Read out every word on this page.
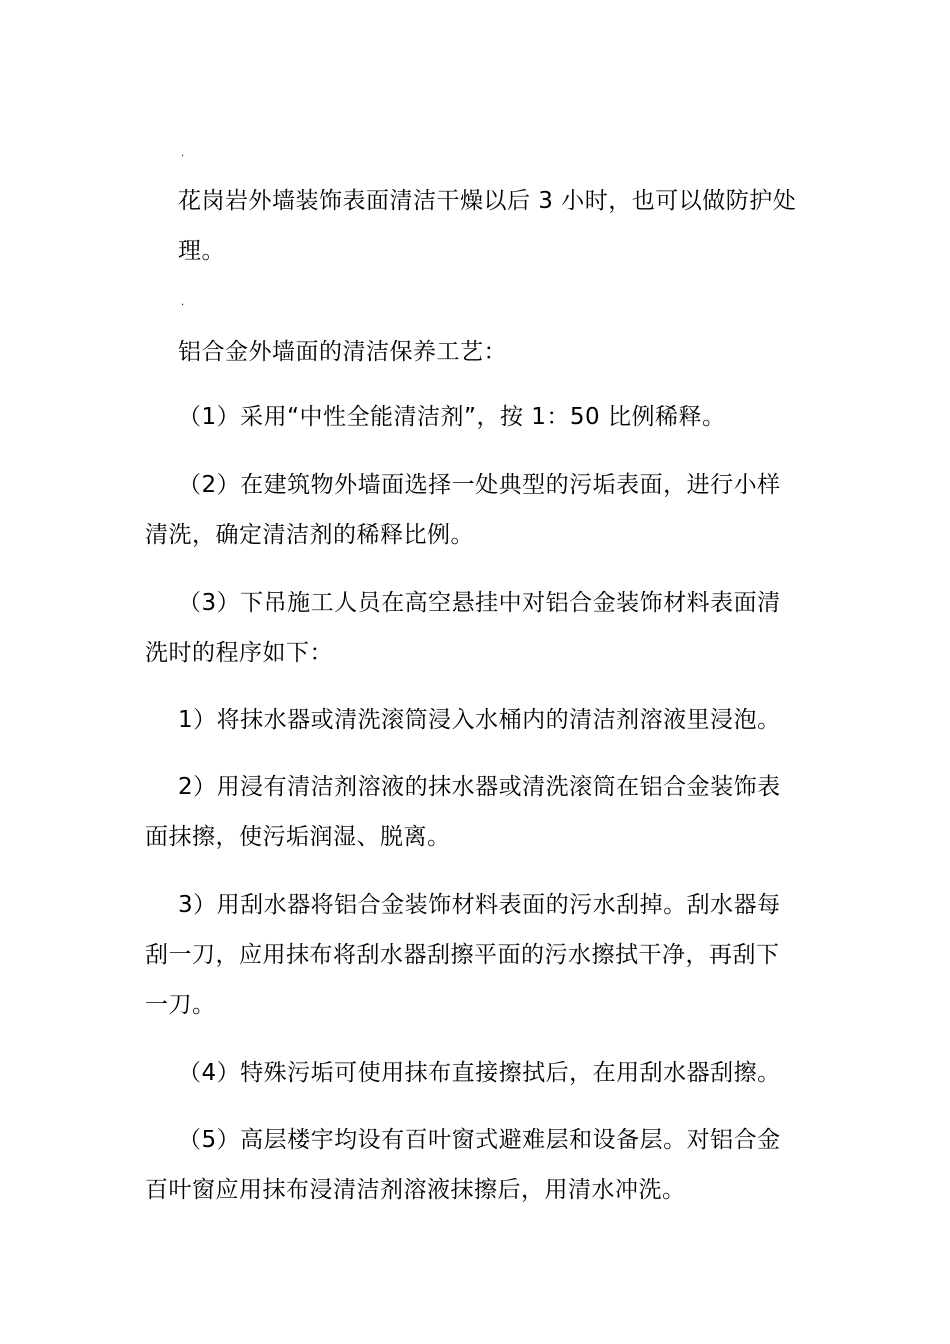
·
花岗岩外墙装饰表面清洁干燥以后 3 小时，也可以做防护处
理。
·
铝合金外墙面的清洁保养工艺：
（1）采用“中性全能清洁剂”，按 1：50 比例稀释。
（2）在建筑物外墙面选择一处典型的污垢表面，进行小样
清洗，确定清洁剂的稀释比例。
（3）下吊施工人员在高空悬挂中对铝合金装饰材料表面清
洗时的程序如下：
1）将抹水器或清洗滚筒浸入水桶内的清洁剂溶液里浸泡。
2）用浸有清洁剂溶液的抹水器或清洗滚筒在铝合金装饰表
面抹擦，使污垢润湿、脱离。
3）用刮水器将铝合金装饰材料表面的污水刮掉。刮水器每
刮一刀，应用抹布将刮水器刮擦平面的污水擦拭干净，再刮下
一刀。
（4）特殊污垢可使用抹布直接擦拭后，在用刮水器刮擦。
（5）高层楼宇均设有百叶窗式避难层和设备层。对铝合金
百叶窗应用抹布浸清洁剂溶液抹擦后，用清水冲洗。
